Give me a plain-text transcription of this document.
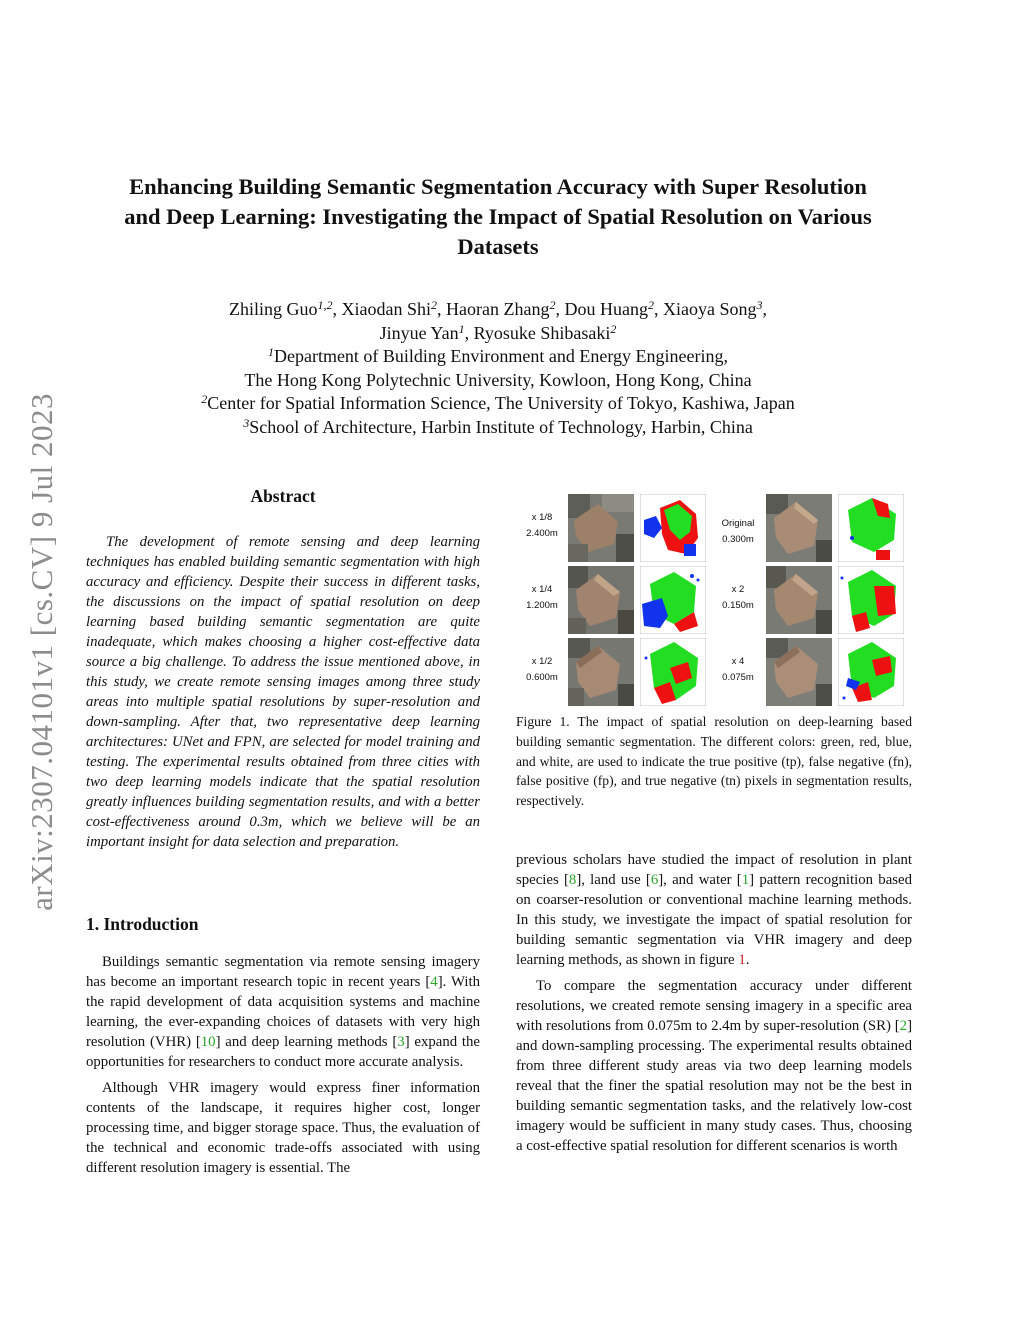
arXiv:2307.04101v1 [cs.CV] 9 Jul 2023
Enhancing Building Semantic Segmentation Accuracy with Super Resolution
and Deep Learning: Investigating the Impact of Spatial Resolution on Various
Datasets
Zhiling Guo$^{1,2}$, Xiaodan Shi$^2$, Haoran Zhang$^2$, Dou Huang$^2$, Xiaoya Song$^3$,
Jinyue Yan$^1$, Ryosuke Shibasaki$^2$
$^1$Department of Building Environment and Energy Engineering,
The Hong Kong Polytechnic University, Kowloon, Hong Kong, China
$^2$Center for Spatial Information Science, The University of Tokyo, Kashiwa, Japan
$^3$School of Architecture, Harbin Institute of Technology, Harbin, China
Abstract

The development of remote sensing and deep learning techniques has enabled building semantic segmentation with high accuracy and efficiency. Despite their success in different tasks, the discussions on the impact of spatial resolution on deep learning based building semantic segmentation are quite inadequate, which makes choosing a higher cost-effective data source a big challenge. To address the issue mentioned above, in this study, we create remote sensing images among three study areas into multiple spatial resolutions by super-resolution and down-sampling. After that, two representative deep learning architectures: UNet and FPN, are selected for model training and testing. The experimental results obtained from three cities with two deep learning models indicate that the spatial resolution greatly influences building segmentation results, and with a better cost-effectiveness around 0.3m, which we believe will be an important insight for data selection and preparation.

1. Introduction

Buildings semantic segmentation via remote sensing imagery has become an important research topic in recent years [4]. With the rapid development of data acquisition systems and machine learning, the ever-expanding choices of datasets with very high resolution (VHR) [10] and deep learning methods [3] expand the opportunities for researchers to conduct more accurate analysis.

Although VHR imagery would express finer information contents of the landscape, it requires higher cost, longer processing time, and bigger storage space. Thus, the evaluation of the technical and economic trade-offs associated with using different resolution imagery is essential. The

x 1/8
2.400m
x 1/4
1.200m
x 1/2
0.600m
Original
0.300m
x 2
0.150m
x 4
0.075m

Figure 1. The impact of spatial resolution on deep-learning based building semantic segmentation. The different colors: green, red, blue, and white, are used to indicate the true positive (tp), false negative (fn), false positive (fp), and true negative (tn) pixels in segmentation results, respectively.

previous scholars have studied the impact of resolution in plant species [8], land use [6], and water [1] pattern recognition based on coarser-resolution or conventional machine learning methods. In this study, we investigate the impact of spatial resolution for building semantic segmentation via VHR imagery and deep learning methods, as shown in figure 1.

To compare the segmentation accuracy under different resolutions, we created remote sensing imagery in a specific area with resolutions from 0.075m to 2.4m by super-resolution (SR) [2] and down-sampling processing. The experimental results obtained from three different study areas via two deep learning models reveal that the finer the spatial resolution may not be the best in building semantic segmentation tasks, and the relatively low-cost imagery would be sufficient in many study cases. Thus, choosing a cost-effective spatial resolution for different scenarios is worth
